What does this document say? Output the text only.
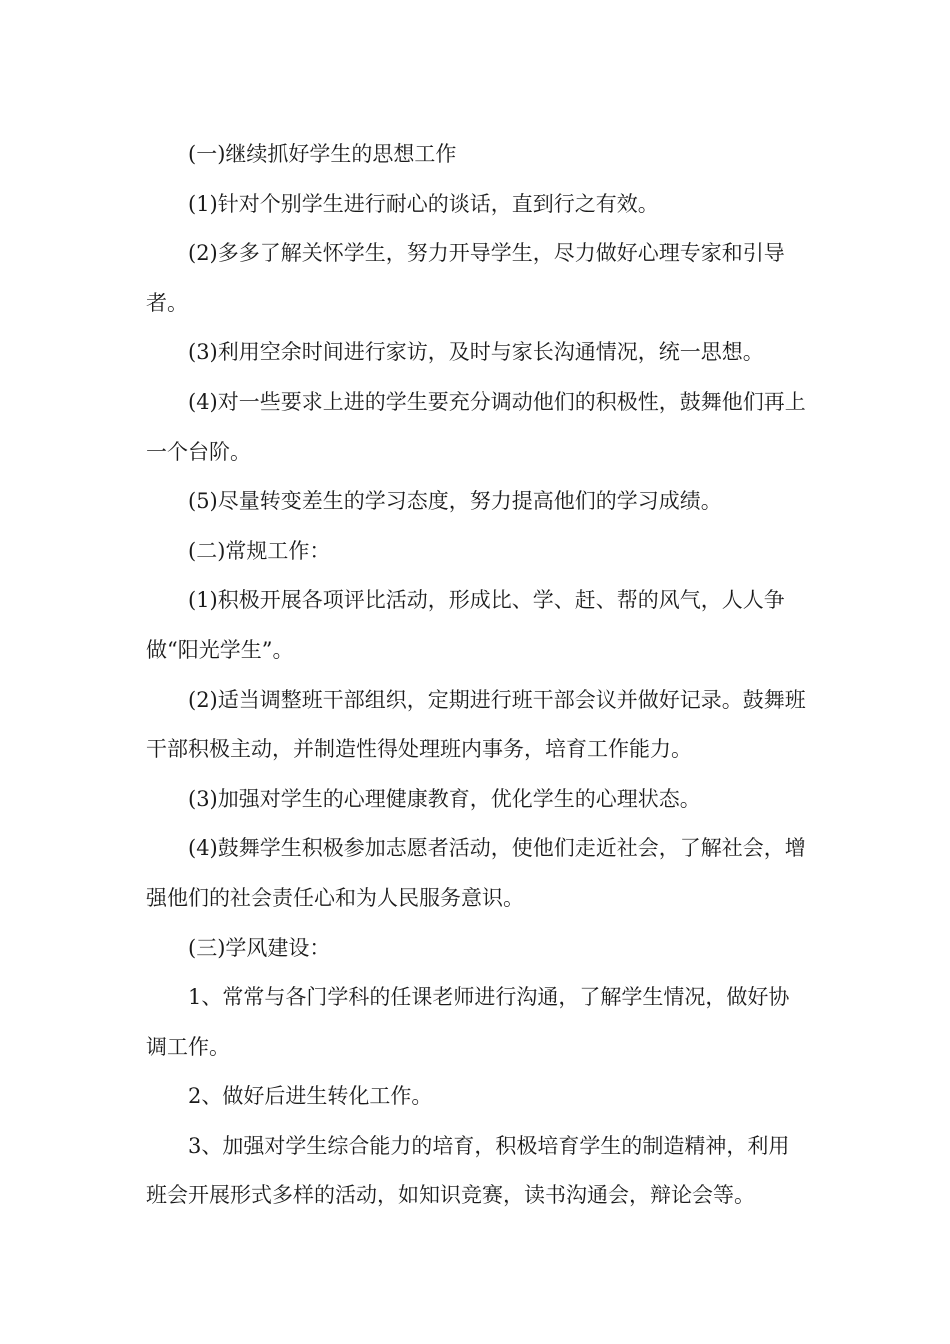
(一)继续抓好学生的思想工作

(1)针对个别学生进行耐心的谈话，直到行之有效。

(2)多多了解关怀学生，努力开导学生，尽力做好心理专家和引导者。

(3)利用空余时间进行家访，及时与家长沟通情况，统一思想。

(4)对一些要求上进的学生要充分调动他们的积极性，鼓舞他们再上一个台阶。

(5)尽量转变差生的学习态度，努力提高他们的学习成绩。

(二)常规工作：

(1)积极开展各项评比活动，形成比、学、赶、帮的风气，人人争做“阳光学生”。

(2)适当调整班干部组织，定期进行班干部会议并做好记录。鼓舞班干部积极主动，并制造性得处理班内事务，培育工作能力。

(3)加强对学生的心理健康教育，优化学生的心理状态。

(4)鼓舞学生积极参加志愿者活动，使他们走近社会，了解社会，增强他们的社会责任心和为人民服务意识。

(三)学风建设：

1、常常与各门学科的任课老师进行沟通，了解学生情况，做好协调工作。

2、做好后进生转化工作。

3、加强对学生综合能力的培育，积极培育学生的制造精神，利用班会开展形式多样的活动，如知识竞赛，读书沟通会，辩论会等。
